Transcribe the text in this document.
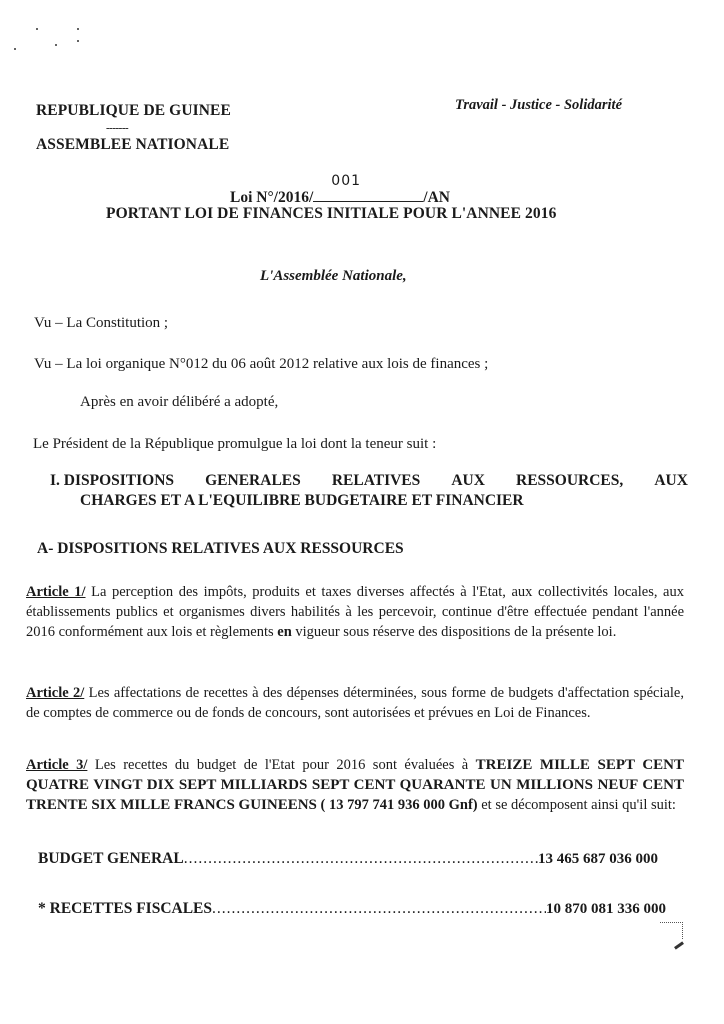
REPUBLIQUE DE GUINEE
-------
ASSEMBLEE NATIONALE
Travail - Justice - Solidarité
Loi N°/2016/
001
/AN
PORTANT LOI DE FINANCES INITIALE POUR L'ANNEE 2016
L'Assemblée Nationale,
Vu – La Constitution ;
Vu – La loi organique N°012 du 06 août 2012 relative aux lois de finances ;
Après en avoir délibéré a adopté,
Le Président de la République promulgue la loi dont la teneur suit :
I. DISPOSITIONS GENERALES RELATIVES AUX RESSOURCES, AUX
CHARGES ET A L'EQUILIBRE BUDGETAIRE ET FINANCIER
A- DISPOSITIONS RELATIVES AUX RESSOURCES
Article 1/ La perception des impôts, produits et taxes diverses affectés à l'Etat, aux collectivités locales, aux établissements publics et organismes divers habilités à les percevoir, continue d'être effectuée pendant l'année 2016 conformément aux lois et règlements en vigueur sous réserve des dispositions de la présente loi.
Article 2/ Les affectations de recettes à des dépenses déterminées, sous forme de budgets d'affectation spéciale, de comptes de commerce ou de fonds de concours, sont autorisées et prévues en Loi de Finances.
Article 3/ Les recettes du budget de l'Etat pour 2016 sont évaluées à TREIZE MILLE SEPT CENT QUATRE VINGT DIX SEPT MILLIARDS SEPT CENT QUARANTE UN MILLIONS NEUF CENT TRENTE SIX MILLE FRANCS GUINEENS ( 13 797 741 936 000 Gnf) et se décomposent ainsi qu'il suit:
BUDGET GENERAL .....	13 465 687 036 000
* RECETTES FISCALES .....	10 870 081 336 000
